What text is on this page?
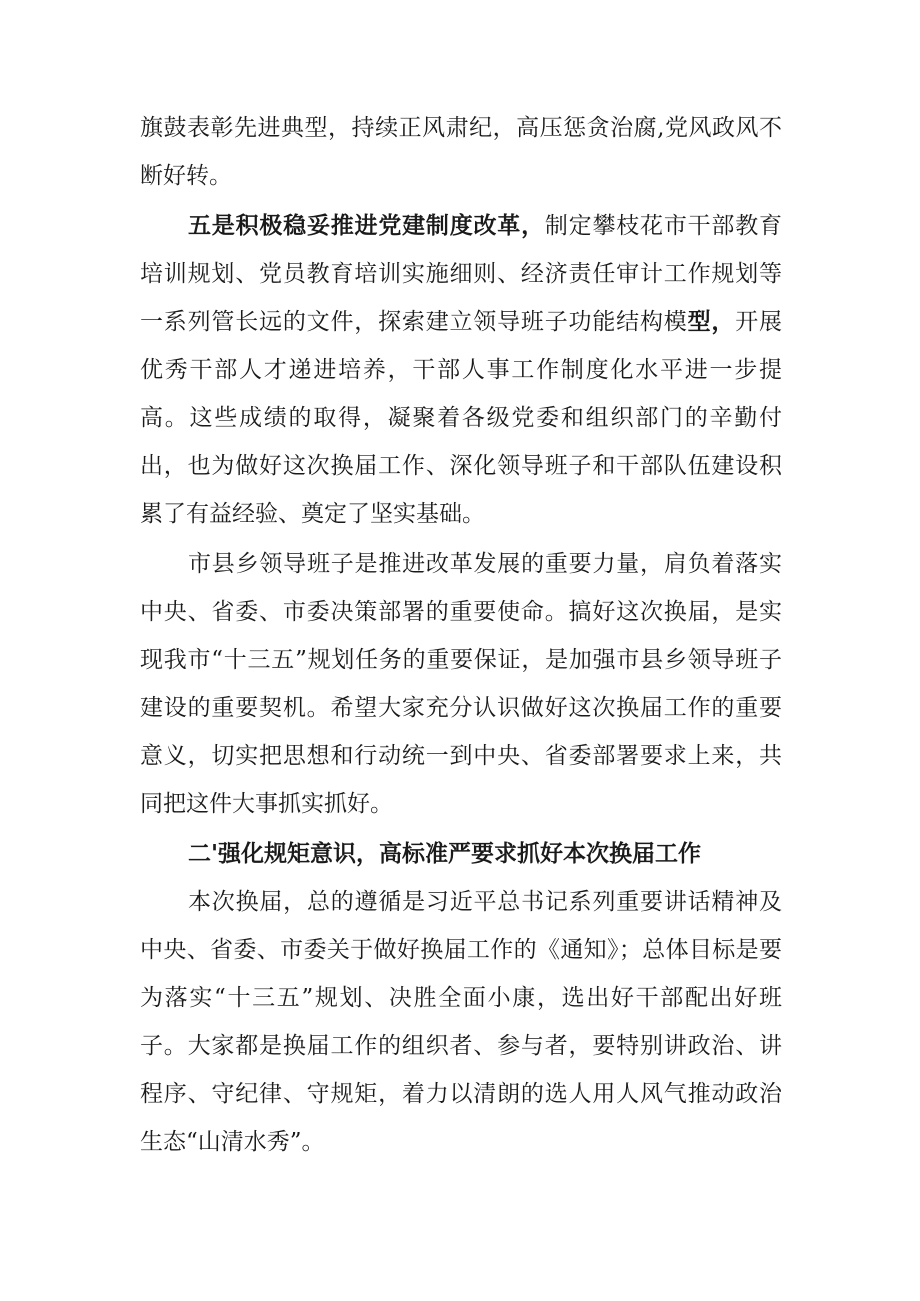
旗鼓表彰先进典型，持续正风肃纪，高压惩贪治腐,党风政风不断好转。

五是积极稳妥推进党建制度改革，制定攀枝花市干部教育培训规划、党员教育培训实施细则、经济责任审计工作规划等一系列管长远的文件，探索建立领导班子功能结构模型，开展优秀干部人才递进培养，干部人事工作制度化水平进一步提高。这些成绩的取得，凝聚着各级党委和组织部门的辛勤付出，也为做好这次换届工作、深化领导班子和干部队伍建设积累了有益经验、奠定了坚实基础。

市县乡领导班子是推进改革发展的重要力量，肩负着落实中央、省委、市委决策部署的重要使命。搞好这次换届，是实现我市“十三五”规划任务的重要保证，是加强市县乡领导班子建设的重要契机。希望大家充分认识做好这次换届工作的重要意义，切实把思想和行动统一到中央、省委部署要求上来，共同把这件大事抓实抓好。

二'强化规矩意识，高标准严要求抓好本次换届工作

本次换届，总的遵循是习近平总书记系列重要讲话精神及中央、省委、市委关于做好换届工作的《通知》；总体目标是要为落实“十三五”规划、决胜全面小康，选出好干部配出好班子。大家都是换届工作的组织者、参与者，要特别讲政治、讲程序、守纪律、守规矩，着力以清朗的选人用人风气推动政治生态“山清水秀”。
